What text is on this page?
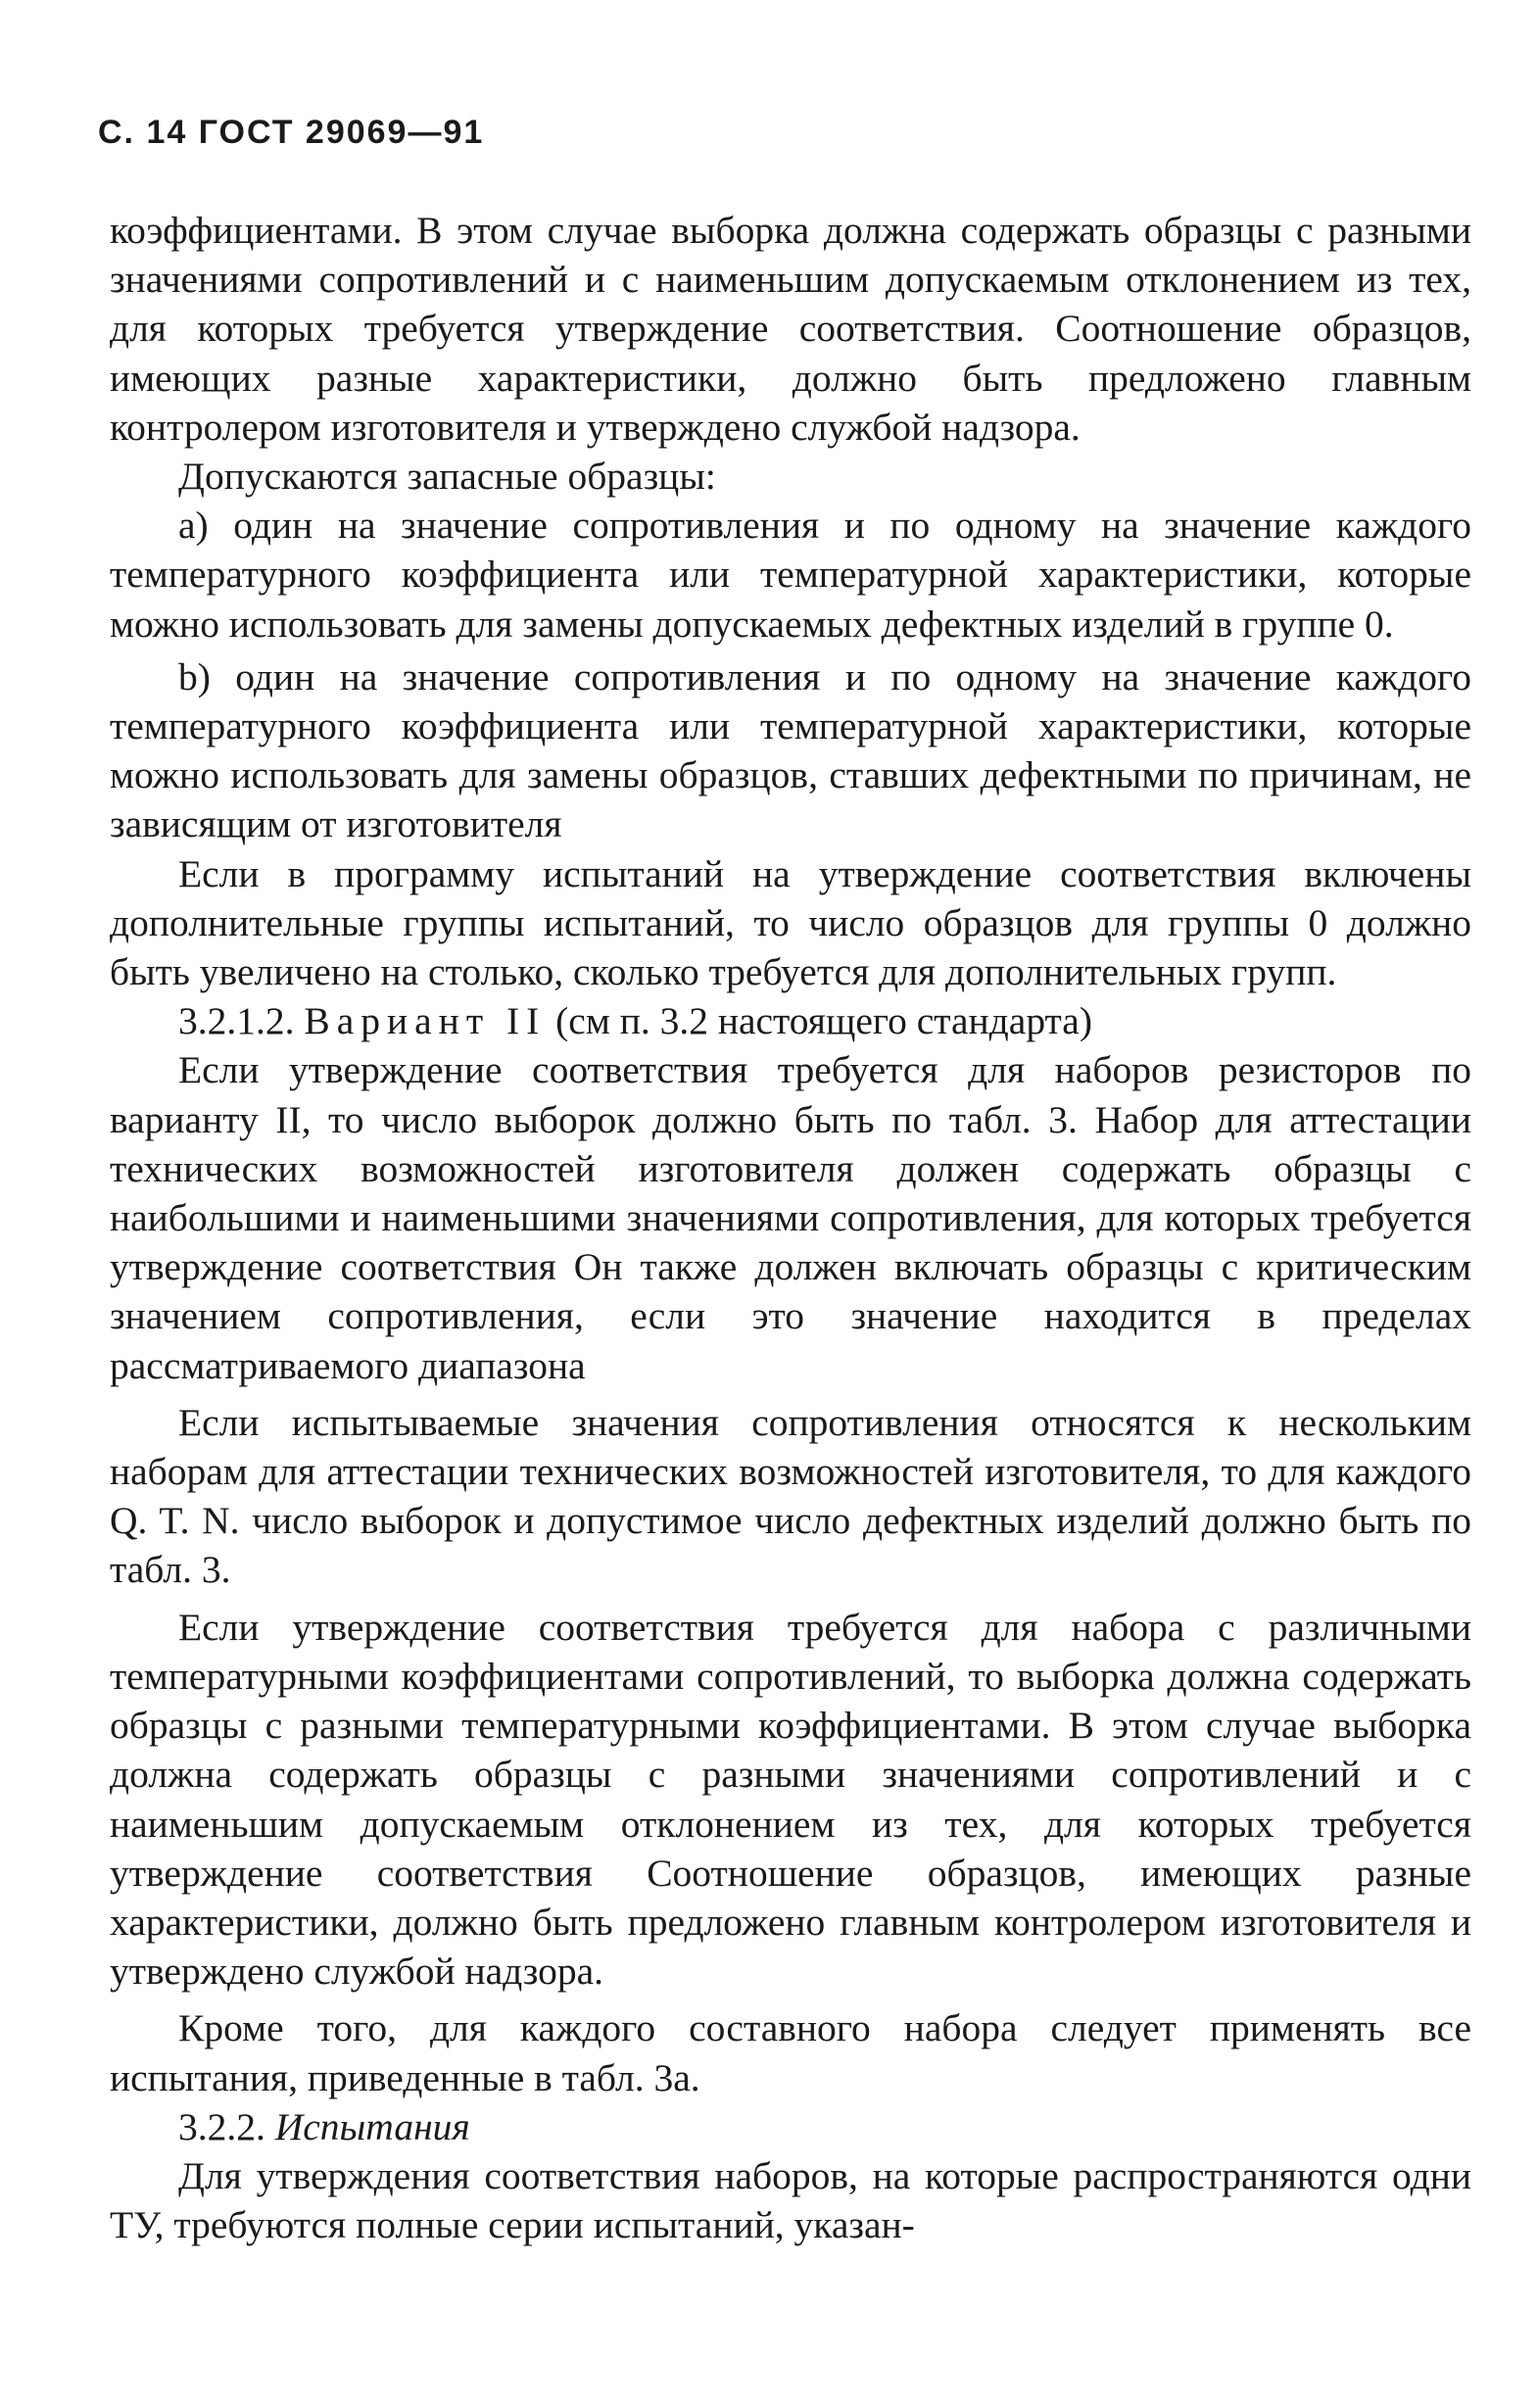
С. 14 ГОСТ 29069—91

коэффициентами. В этом случае выборка должна содержать образцы с разными значениями сопротивлений и с наименьшим допускаемым отклонением из тех, для которых требуется утверждение соответствия. Соотношение образцов, имеющих разные характеристики, должно быть предложено главным контролером изготовителя и утверждено службой надзора.

Допускаются запасные образцы:

a) один на значение сопротивления и по одному на значение каждого температурного коэффициента или температурной характеристики, которые можно использовать для замены допускаемых дефектных изделий в группе 0.

b) один на значение сопротивления и по одному на значение каждого температурного коэффициента или температурной характеристики, которые можно использовать для замены образцов, ставших дефектными по причинам, не зависящим от изготовителя

Если в программу испытаний на утверждение соответствия включены дополнительные группы испытаний, то число образцов для группы 0 должно быть увеличено на столько, сколько требуется для дополнительных групп.

3.2.1.2. Вариант II (см п. 3.2 настоящего стандарта)

Если утверждение соответствия требуется для наборов резисторов по варианту II, то число выборок должно быть по табл. 3. Набор для аттестации технических возможностей изготовителя должен содержать образцы с наибольшими и наименьшими значениями сопротивления, для которых требуется утверждение соответствия Он также должен включать образцы с критическим значением сопротивления, если это значение находится в пределах рассматриваемого диапазона

Если испытываемые значения сопротивления относятся к нескольким наборам для аттестации технических возможностей изготовителя, то для каждого Q. T. N. число выборок и допустимое число дефектных изделий должно быть по табл. 3.

Если утверждение соответствия требуется для набора с различными температурными коэффициентами сопротивлений, то выборка должна содержать образцы с разными температурными коэффициентами. В этом случае выборка должна содержать образцы с разными значениями сопротивлений и с наименьшим допускаемым отклонением из тех, для которых требуется утверждение соответствия Соотношение образцов, имеющих разные характеристики, должно быть предложено главным контролером изготовителя и утверждено службой надзора.

Кроме того, для каждого составного набора следует применять все испытания, приведенные в табл. 3а.

3.2.2. Испытания

Для утверждения соответствия наборов, на которые распространяются одни ТУ, требуются полные серии испытаний, указан-
